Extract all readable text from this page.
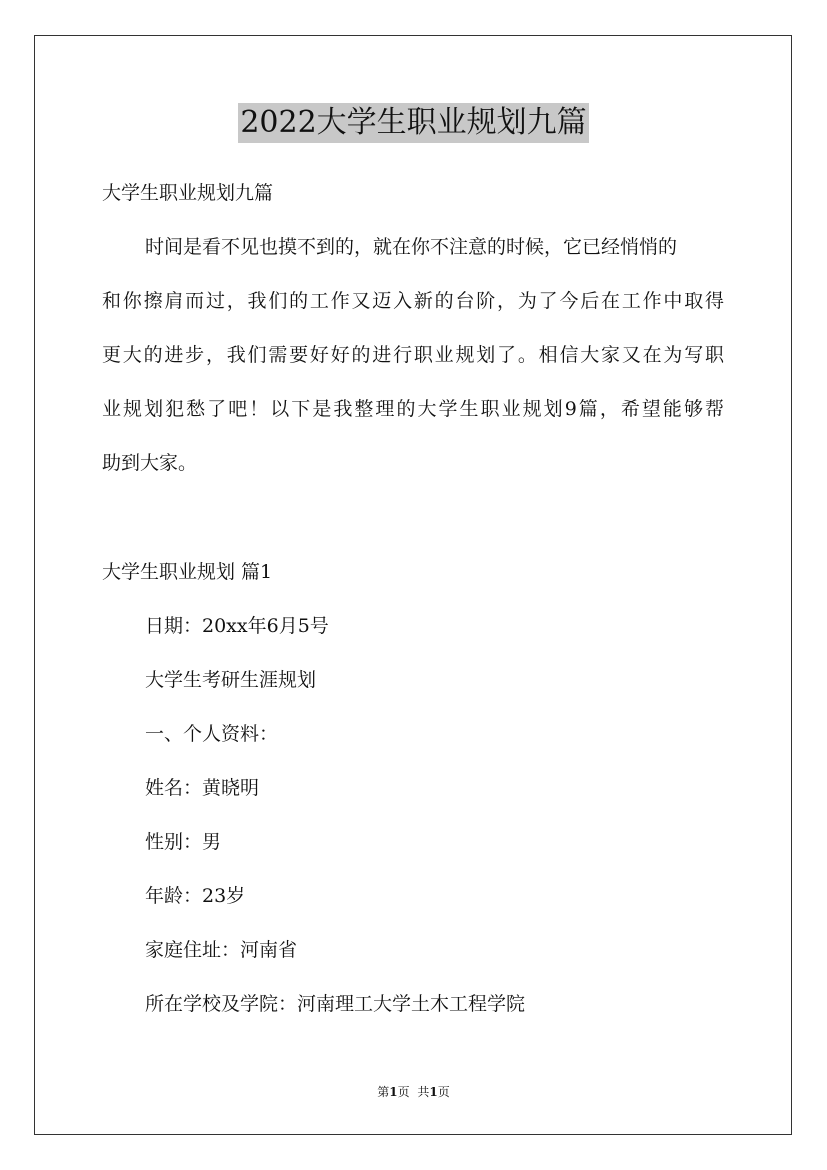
2022大学生职业规划九篇
大学生职业规划九篇
时间是看不见也摸不到的，就在你不注意的时候，它已经悄悄的
和你擦肩而过，我们的工作又迈入新的台阶，为了今后在工作中取得
更大的进步，我们需要好好的进行职业规划了。相信大家又在为写职
业规划犯愁了吧！以下是我整理的大学生职业规划9篇，希望能够帮
助到大家。
大学生职业规划 篇1
日期：20xx年6月5号
大学生考研生涯规划
一、个人资料：
姓名：黄晓明
性别：男
年龄：23岁
家庭住址：河南省
所在学校及学院：河南理工大学土木工程学院
第1页 共1页
